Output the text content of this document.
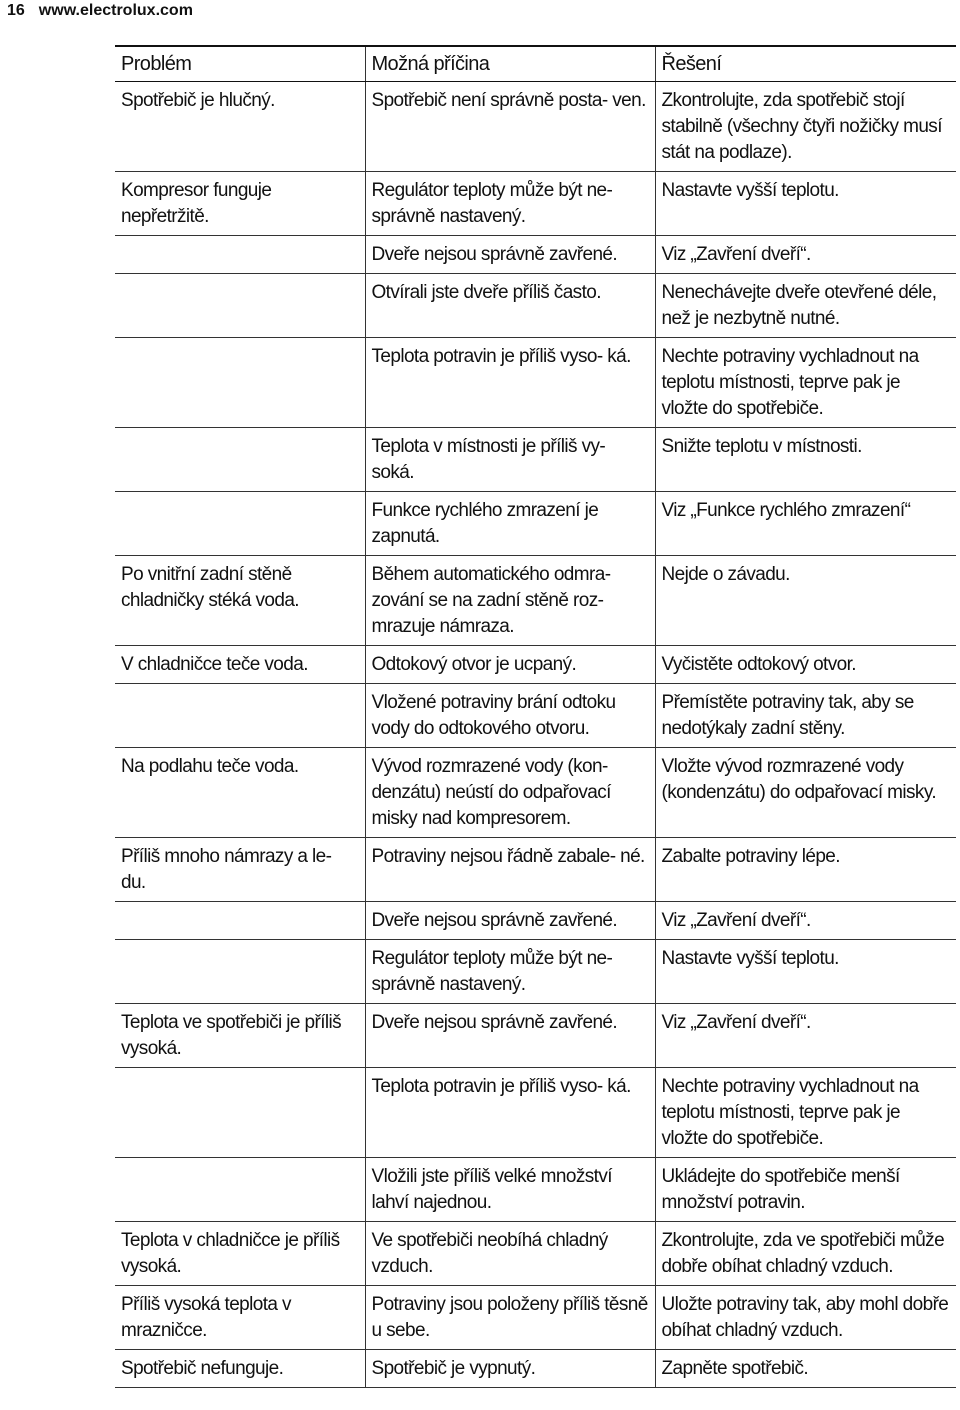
16 www.electrolux.com
Problém	Možná příčina	Řešení
Spotřebič je hlučný.	Spotřebič není správně posta- ven.	Zkontrolujte, zda spotřebič stojí stabilně (všechny čtyři nožičky musí stát na podlaze).
Kompresor funguje nepřetržitě.	Regulátor teploty může být ne- správně nastavený.	Nastavte vyšší teplotu.
	Dveře nejsou správně zavřené.	Viz „Zavření dveří“.
	Otvírali jste dveře příliš často.	Nenechávejte dveře otevřené déle, než je nezbytně nutné.
	Teplota potravin je příliš vyso- ká.	Nechte potraviny vychladnout na teplotu místnosti, teprve pak je vložte do spotřebiče.
	Teplota v místnosti je příliš vy- soká.	Snižte teplotu v místnosti.
	Funkce rychlého zmrazení je zapnutá.	Viz „Funkce rychlého zmrazení“
Po vnitřní zadní stěně chladničky stéká voda.	Během automatického odmra- zování se na zadní stěně roz- mrazuje námraza.	Nejde o závadu.
V chladničce teče voda.	Odtokový otvor je ucpaný.	Vyčistěte odtokový otvor.
	Vložené potraviny brání odtoku vody do odtokového otvoru.	Přemístěte potraviny tak, aby se nedotýkaly zadní stěny.
Na podlahu teče voda.	Vývod rozmrazené vody (kon- denzátu) neústí do odpařovací misky nad kompresorem.	Vložte vývod rozmrazené vody (kondenzátu) do odpařovací misky.
Příliš mnoho námrazy a le- du.	Potraviny nejsou řádně zabale- né.	Zabalte potraviny lépe.
	Dveře nejsou správně zavřené.	Viz „Zavření dveří“.
	Regulátor teploty může být ne- správně nastavený.	Nastavte vyšší teplotu.
Teplota ve spotřebiči je příliš vysoká.	Dveře nejsou správně zavřené.	Viz „Zavření dveří“.
	Teplota potravin je příliš vyso- ká.	Nechte potraviny vychladnout na teplotu místnosti, teprve pak je vložte do spotřebiče.
	Vložili jste příliš velké množství lahví najednou.	Ukládejte do spotřebiče menší množství potravin.
Teplota v chladničce je příliš vysoká.	Ve spotřebiči neobíhá chladný vzduch.	Zkontrolujte, zda ve spotřebiči může dobře obíhat chladný vzduch.
Příliš vysoká teplota v mrazničce.	Potraviny jsou položeny příliš těsně u sebe.	Uložte potraviny tak, aby mohl dobře obíhat chladný vzduch.
Spotřebič nefunguje.	Spotřebič je vypnutý.	Zapněte spotřebič.
